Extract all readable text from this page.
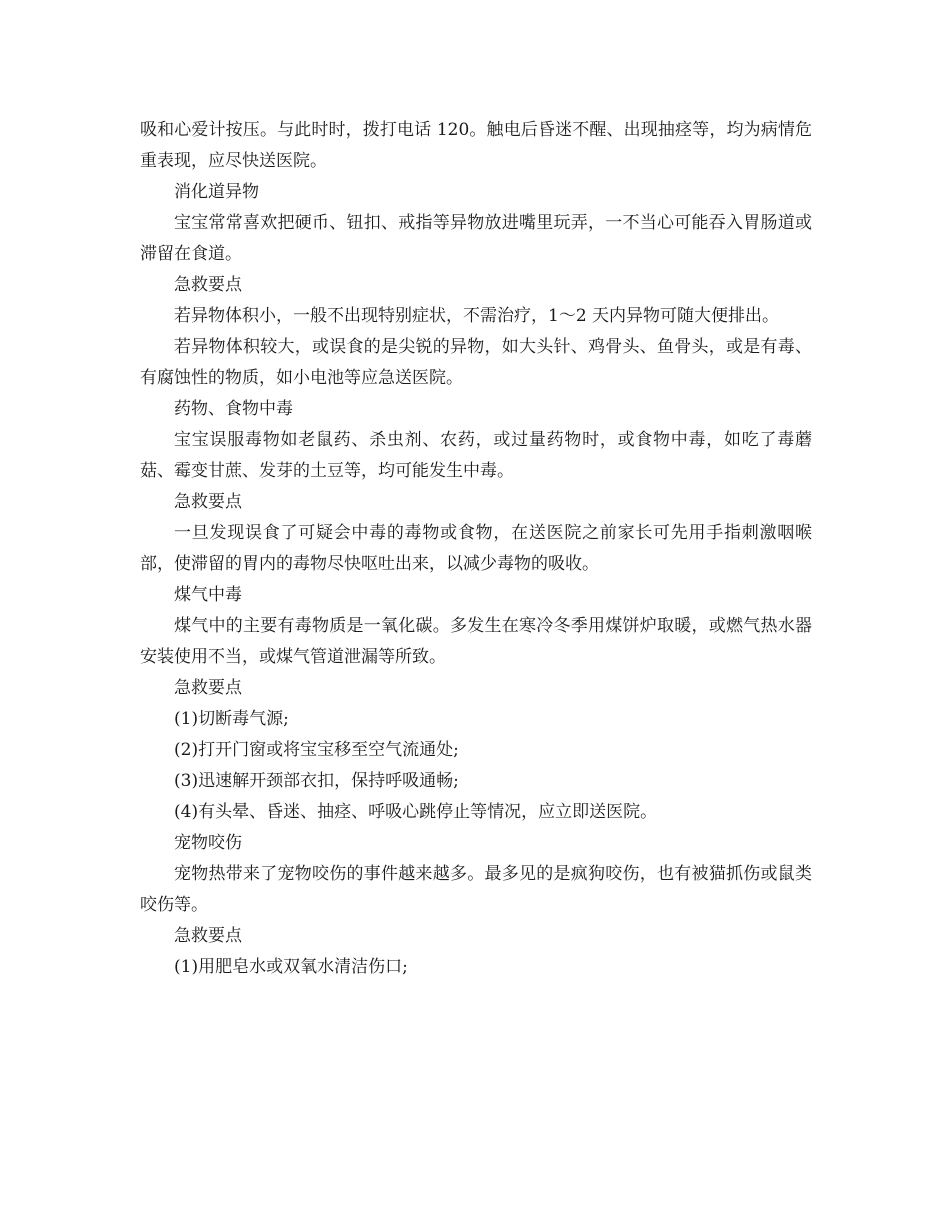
吸和心爱计按压。与此时时，拨打电话 120。触电后昏迷不醒、出现抽痉等，均为病情危重表现，应尽快送医院。

消化道异物

宝宝常常喜欢把硬币、钮扣、戒指等异物放进嘴里玩弄，一不当心可能吞入胃肠道或滞留在食道。

急救要点

若异物体积小，一般不出现特别症状，不需治疗，1～2 天内异物可随大便排出。

若异物体积较大，或误食的是尖锐的异物，如大头针、鸡骨头、鱼骨头，或是有毒、有腐蚀性的物质，如小电池等应急送医院。

药物、食物中毒

宝宝误服毒物如老鼠药、杀虫剂、农药，或过量药物时，或食物中毒，如吃了毒蘑菇、霉变甘蔗、发芽的土豆等，均可能发生中毒。

急救要点

一旦发现误食了可疑会中毒的毒物或食物，在送医院之前家长可先用手指刺激咽喉部，使滞留的胃内的毒物尽快呕吐出来，以减少毒物的吸收。

煤气中毒

煤气中的主要有毒物质是一氧化碳。多发生在寒冷冬季用煤饼炉取暖，或燃气热水器安装使用不当，或煤气管道泄漏等所致。

急救要点

(1)切断毒气源;

(2)打开门窗或将宝宝移至空气流通处;

(3)迅速解开颈部衣扣，保持呼吸通畅;

(4)有头晕、昏迷、抽痉、呼吸心跳停止等情况，应立即送医院。

宠物咬伤

宠物热带来了宠物咬伤的事件越来越多。最多见的是疯狗咬伤，也有被猫抓伤或鼠类咬伤等。

急救要点

(1)用肥皂水或双氧水清洁伤口;
